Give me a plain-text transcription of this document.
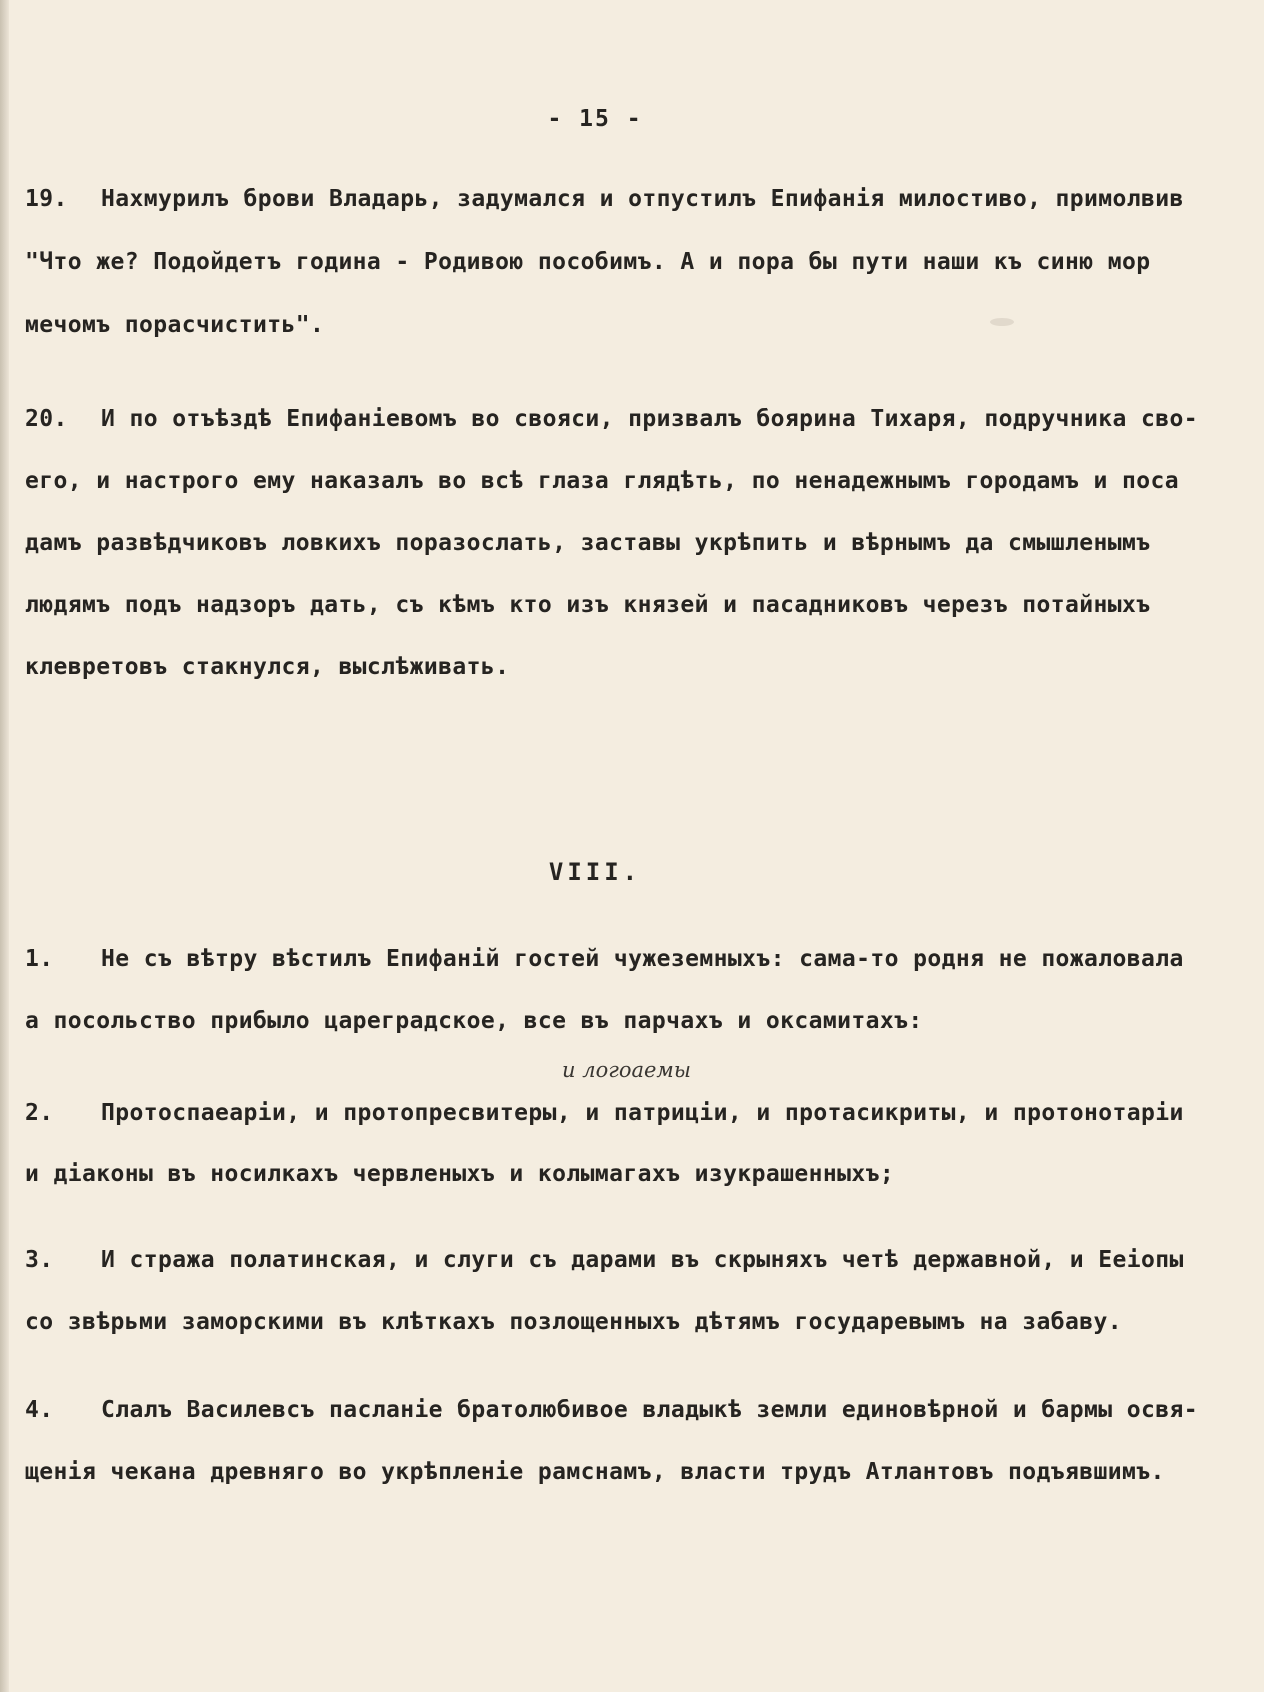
- 15 -
19. Нахмурилъ брови Владарь, задумался и отпустилъ Епифанія милостиво, примолвив
"Что же? Подойдетъ година - Родивою пособимъ. А и пора бы пути наши къ синю мор
мечомъ порасчистить".
20. И по отъѣздѣ Епифаніевомъ во свояси, призвалъ боярина Тихаря, подручника сво-
его, и настрого ему наказалъ во всѣ глаза глядѣть, по ненадежнымъ городамъ и поса
дамъ развѣдчиковъ ловкихъ поразослать, заставы укрѣпить и вѣрнымъ да смышленымъ
людямъ подъ надзоръ дать, съ кѣмъ кто изъ князей и пасадниковъ черезъ потайныхъ
клевретовъ стакнулся, выслѣживать.
VIII.
1. Не съ вѣтру вѣстилъ Епифаній гостей чужеземныхъ: сама-то родня не пожаловала
а посольство прибыло цареградское, все въ парчахъ и оксамитахъ:
и логоаемы
2. Протоспаеаріи, и протопресвитеры, и патриціи, и протасикриты, и протонотаріи
и діаконы въ носилкахъ червленыхъ и колымагахъ изукрашенныхъ;
3. И стража полатинская, и слуги съ дарами въ скрыняхъ четѣ державной, и Ееіопы
со звѣрьми заморскими въ клѣткахъ позлощенныхъ дѣтямъ государевымъ на забаву.
4. Слалъ Василевсъ пасланіе братолюбивое владыкѣ земли единовѣрной и бармы освя-
щенія чекана древняго во укрѣпленіе рамснамъ, власти трудъ Атлантовъ подъявшимъ.
